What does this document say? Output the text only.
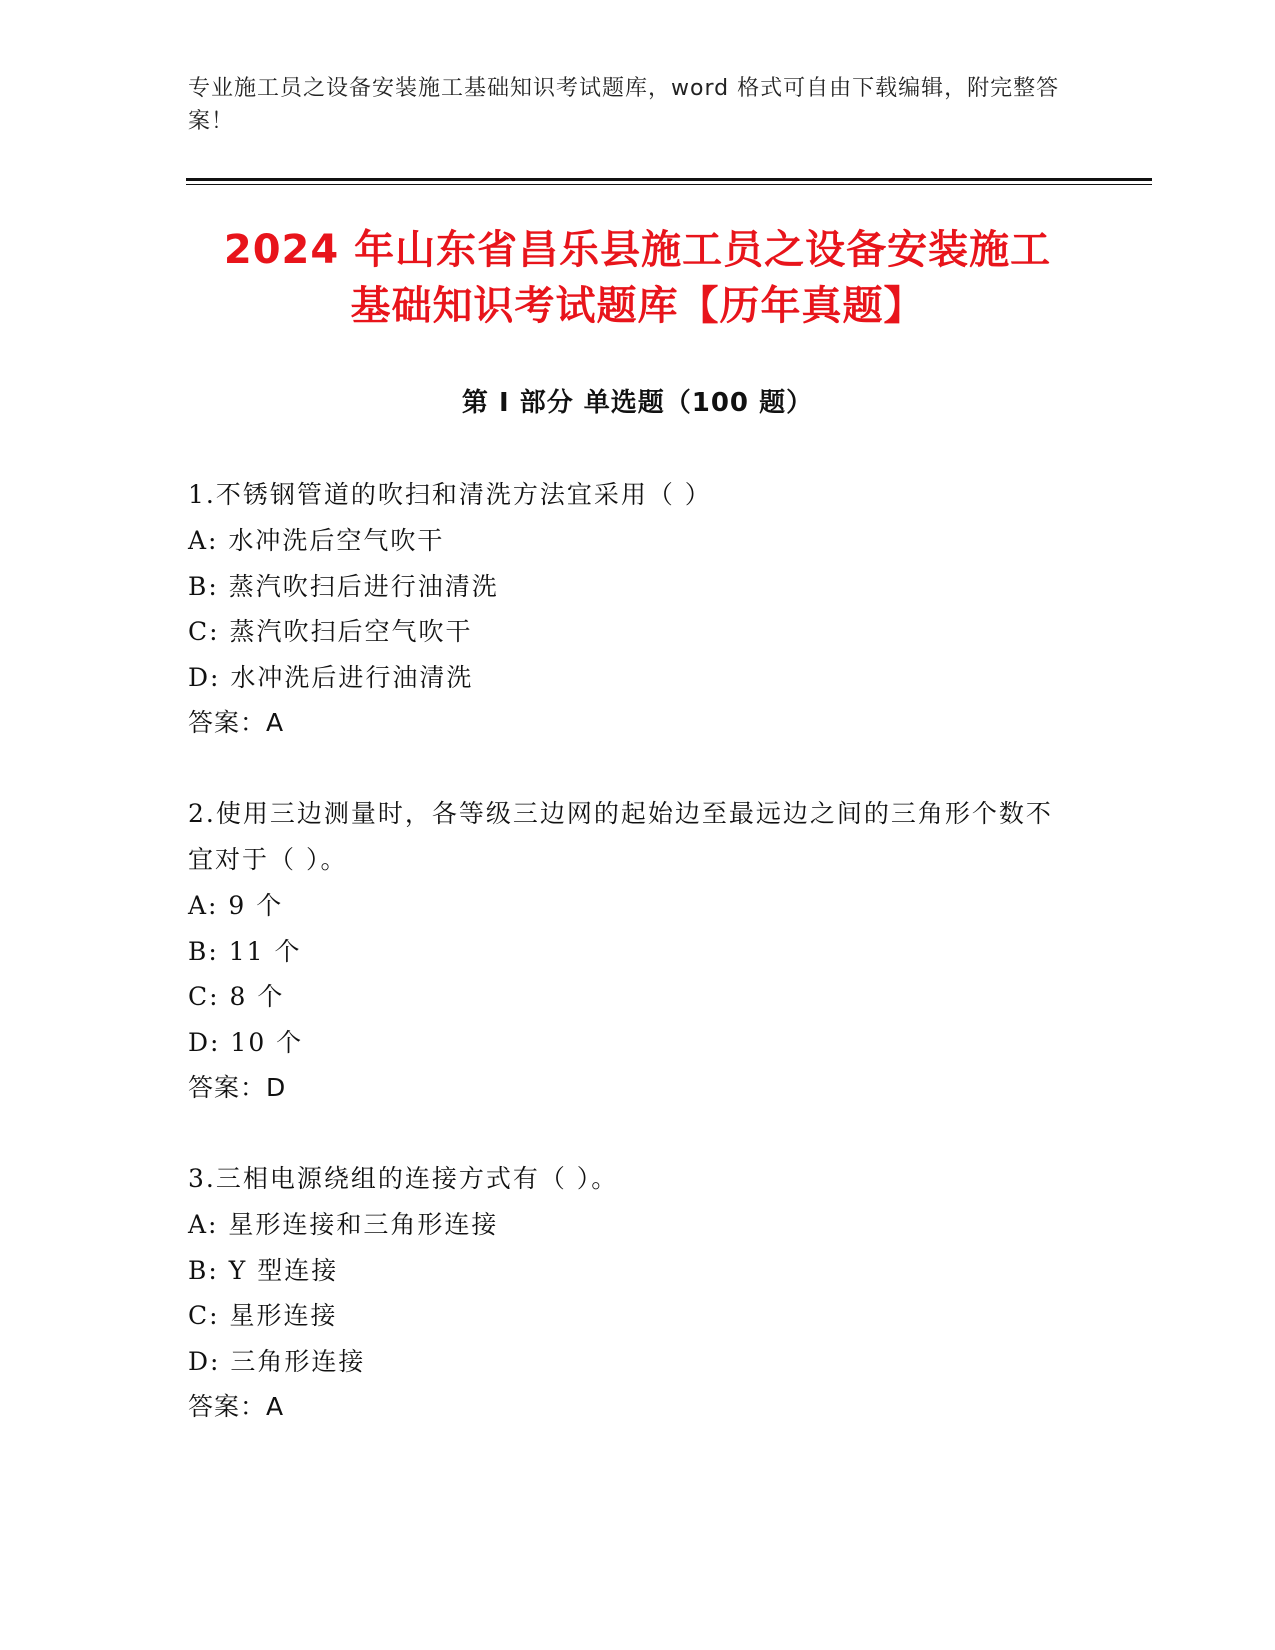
专业施工员之设备安装施工基础知识考试题库，word 格式可自由下载编辑，附完整答案！
2024 年山东省昌乐县施工员之设备安装施工
基础知识考试题库【历年真题】
第 I 部分 单选题（100 题）
1.不锈钢管道的吹扫和清洗方法宜采用（ ）
A: 水冲洗后空气吹干
B: 蒸汽吹扫后进行油清洗
C: 蒸汽吹扫后空气吹干
D: 水冲洗后进行油清洗
答案：A
2.使用三边测量时，各等级三边网的起始边至最远边之间的三角形个数不宜对于（ ）。
A: 9 个
B: 11 个
C: 8 个
D: 10 个
答案：D
3.三相电源绕组的连接方式有（ ）。
A: 星形连接和三角形连接
B: Y 型连接
C: 星形连接
D: 三角形连接
答案：A
